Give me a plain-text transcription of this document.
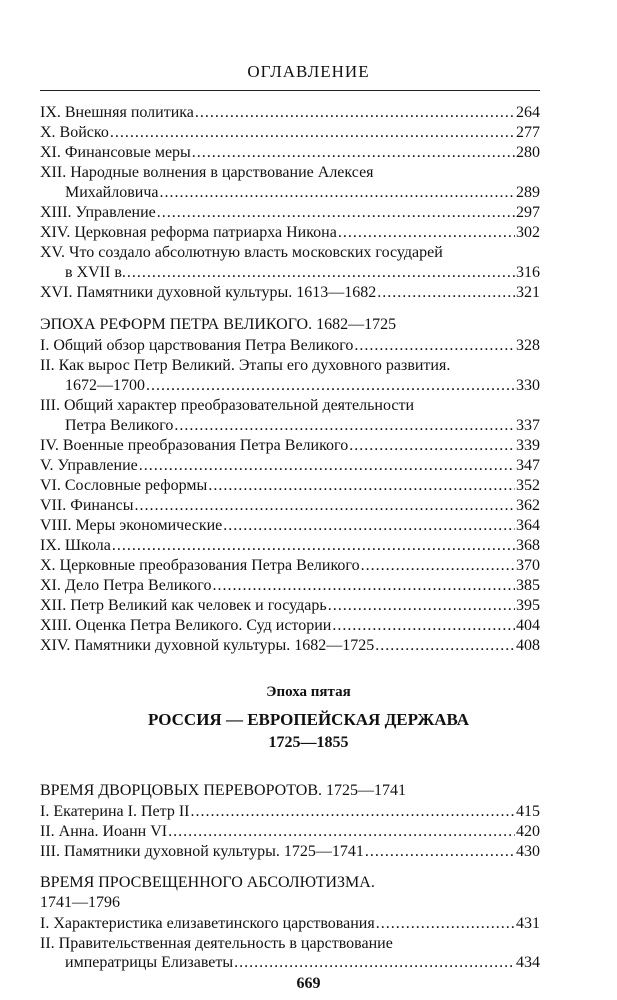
ОГЛАВЛЕНИЕ
IX. Внешняя политика .....	264
X. Войско .....	277
XI. Финансовые меры .....	280
XII. Народные волнения в царствование Алексея
Михайловича .....	289
XIII. Управление .....	297
XIV. Церковная реформа патриарха Никона .....	302
XV. Что создало абсолютную власть московских государей
в XVII в. .....	316
XVI. Памятники духовной культуры. 1613—1682 .....	321
ЭПОХА РЕФОРМ ПЕТРА ВЕЛИКОГО. 1682—1725
I. Общий обзор царствования Петра Великого .....	328
II. Как вырос Петр Великий. Этапы его духовного развития.
1672—1700 .....	330
III. Общий характер преобразовательной деятельности
Петра Великого .....	337
IV. Военные преобразования Петра Великого .....	339
V. Управление .....	347
VI. Сословные реформы .....	352
VII. Финансы .....	362
VIII. Меры экономические .....	364
IX. Школа .....	368
X. Церковные преобразования Петра Великого .....	370
XI. Дело Петра Великого .....	385
XII. Петр Великий как человек и государь .....	395
XIII. Оценка Петра Великого. Суд истории .....	404
XIV. Памятники духовной культуры. 1682—1725 .....	408
Эпоха пятая
РОССИЯ — ЕВРОПЕЙСКАЯ ДЕРЖАВА
1725—1855
ВРЕМЯ ДВОРЦОВЫХ ПЕРЕВОРОТОВ. 1725—1741
I. Екатерина I. Петр II .....	415
II. Анна. Иоанн VI .....	420
III. Памятники духовной культуры. 1725—1741 .....	430
ВРЕМЯ ПРОСВЕЩЕННОГО АБСОЛЮТИЗМА.
1741—1796
I. Характеристика елизаветинского царствования .....	431
II. Правительственная деятельность в царствование
669
императрицы Елизаветы .....	434
